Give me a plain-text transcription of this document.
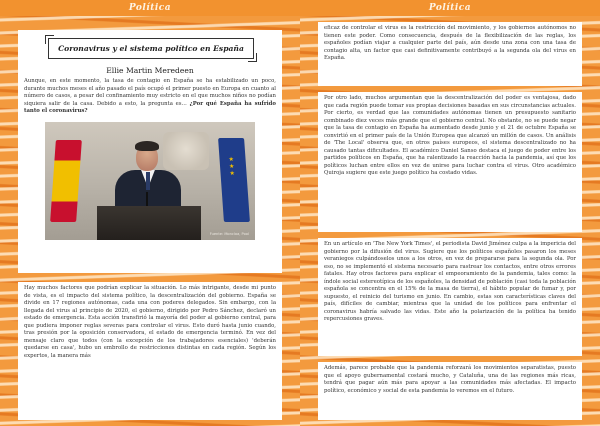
Política
Coronavirus y el sistema político en España

Ellie Martin Meredeen

Aunque, en este momento, la tasa de contagio en España se ha estabilizado un poco, durante muchos meses el año pasado el país ocupó el primer puesto en Europa en cuanto al número de casos, a pesar del confinamiento muy estricto en el que muchos niños no podían siquiera salir de la casa. Debido a esto, la pregunta es… ¿Por qué España ha sufrido tanto el coronavirus?

★
★
★
Fuente: Moncloa, Pool

Hay muchos factores que podrían explicar la situación. Lo más intrigante, desde mi punto de vista, es el impacto del sistema político, la descentralización del gobierno. España se divide en 17 regiones autónomas, cada una con poderes delegados. Sin embargo, con la llegada del virus al principio de 2020, el gobierno, dirigido por Pedro Sánchez, declaró un estado de emergencia. Esta acción transfirió la mayoría del poder al gobierno central, para que pudiera imponer reglas severas para controlar el virus. Esto duró hasta junio cuando, tras presión por la oposición conservadora, el estado de emergencia terminó. En vez del mensaje claro que todos (con la excepción de los trabajadores esenciales) 'deberán quedarse en casa', hubo un embrollo de restricciones distintas en cada región. Según los expertos, la manera más

Política

eficaz de controlar el virus es la restricción del movimiento, y los gobiernos autónomos no tienen este poder. Como consecuencia, después de la flexibilización de las reglas, los españoles podían viajar a cualquier parte del país, aún desde una zona con una tasa de contagio alta, un factor que casi definitivamente contribuyó a la segunda ola del virus en España.

Por otro lado, muchos argumentan que la descentralización del poder es ventajosa, dado que cada región puede tomar sus propias decisiones basadas en sus circunstancias actuales. Por cierto, es verdad que las comunidades autónomas tienen un presupuesto sanitario combinado diez veces más grande que el gobierno central. No obstante, no se puede negar que la tasa de contagio en España ha aumentado desde junio y el 21 de octubre España se convirtió en el primer país de la Unión Europea que alcanzó un millón de casos. Un análisis de 'The Local' observa que, en otros países europeos, el sistema descentralizado no ha causado tantas dificultades. El académico Daniel Sanso destaca el juego de poder entre los partidos políticos en España, que ha ralentizado la reacción hacia la pandemia, así que los políticos luchan entre ellos en vez de unirse para luchar contra el virus. Otro académico Quiroja sugiere que este juego político ha costado vidas.

En un artículo en 'The New York Times', el periodista David Jiménez culpa a la impericia del gobierno por la difusión del virus. Sugiere que los políticos españoles pasaron los meses veraniegos culpándoselos unos a los otros, en vez de prepararse para la segunda ola. Por eso, no se implementó el sistema necesario para rastrear los contactos, entre otros errores fatales. Hay otros factores para explicar el empeoramiento de la pandemia, tales como: la índole social estereotípica de los españoles, la densidad de población (casi toda la población española se concentra en el 15% de la masa de tierra), el hábito popular de fumar y, por supuesto, el reinicio del turismo en junio. En cambio, estas son características claves del país, difíciles de cambiar, mientras que la unidad de los políticos para enfrentar el coronavirus habría salvado las vidas. Este año la polarización de la política ha tenido repercusiones graves.

Además, parece probable que la pandemia reforzará los movimientos separatistas, puesto que el apoyo gubernamental costará mucho, y Cataluña, una de las regiones más ricas, tendrá que pagar aún más para apoyar a las comunidades más afectadas. El impacto político, económico y social de esta pandemia lo veremos en el futuro.
